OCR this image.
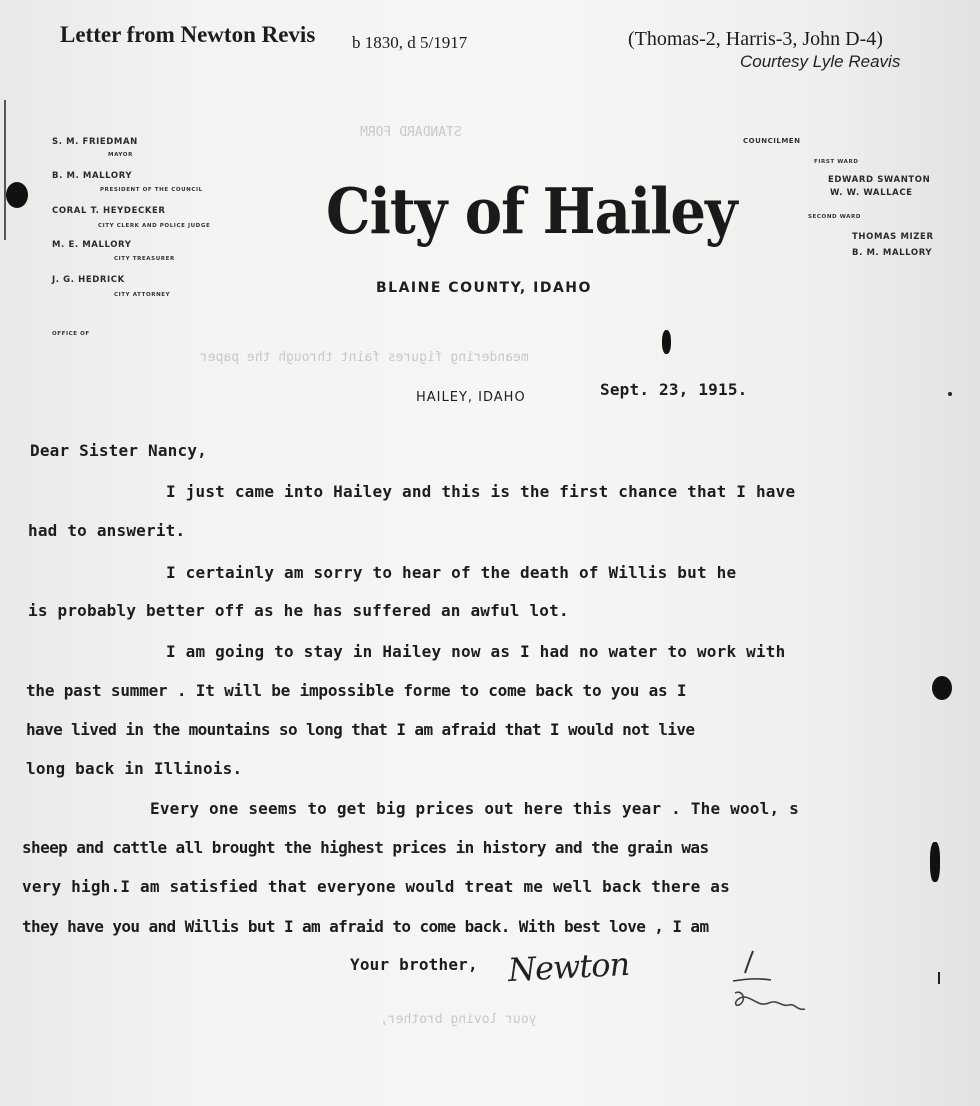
Letter from Newton Revis b 1830, d 5/1917	(Thomas-2, Harris-3, John D-4)
Courtesy Lyle Reavis
STANDARD FORM
meandering figures faint through the paper
your loving brother,
S. M. FRIEDMAN
MAYOR
B. M. MALLORY
PRESIDENT OF THE COUNCIL
CORAL T. HEYDECKER
CITY CLERK AND POLICE JUDGE
M. E. MALLORY
CITY TREASURER
J. G. HEDRICK
CITY ATTORNEY
OFFICE OF
COUNCILMEN
FIRST WARD
EDWARD SWANTON
W. W. WALLACE
SECOND WARD
THOMAS MIZER
B. M. MALLORY
City of Hailey
BLAINE COUNTY, IDAHO
HAILEY, IDAHO	Sept. 23, 1915.
Dear Sister Nancy,
I just came into Hailey and this is the first chance that I have
had to answerit.
I certainly am sorry to hear of the death of Willis but he
is probably better off as he has suffered an awful lot.
I am going to stay in Hailey now as I had no water to work with
the past summer . It will be impossible forme to come back to you as I
have lived in the mountains so long that I am afraid that I would not live
long back in Illinois.
Every one seems to get big prices out here this year . The wool, s
sheep and cattle all brought the highest prices in history and the grain was
very high.I am satisfied that everyone would treat me well back there as
they have you and Willis but I am afraid to come back. With best love , I am
Your brother, Newton
